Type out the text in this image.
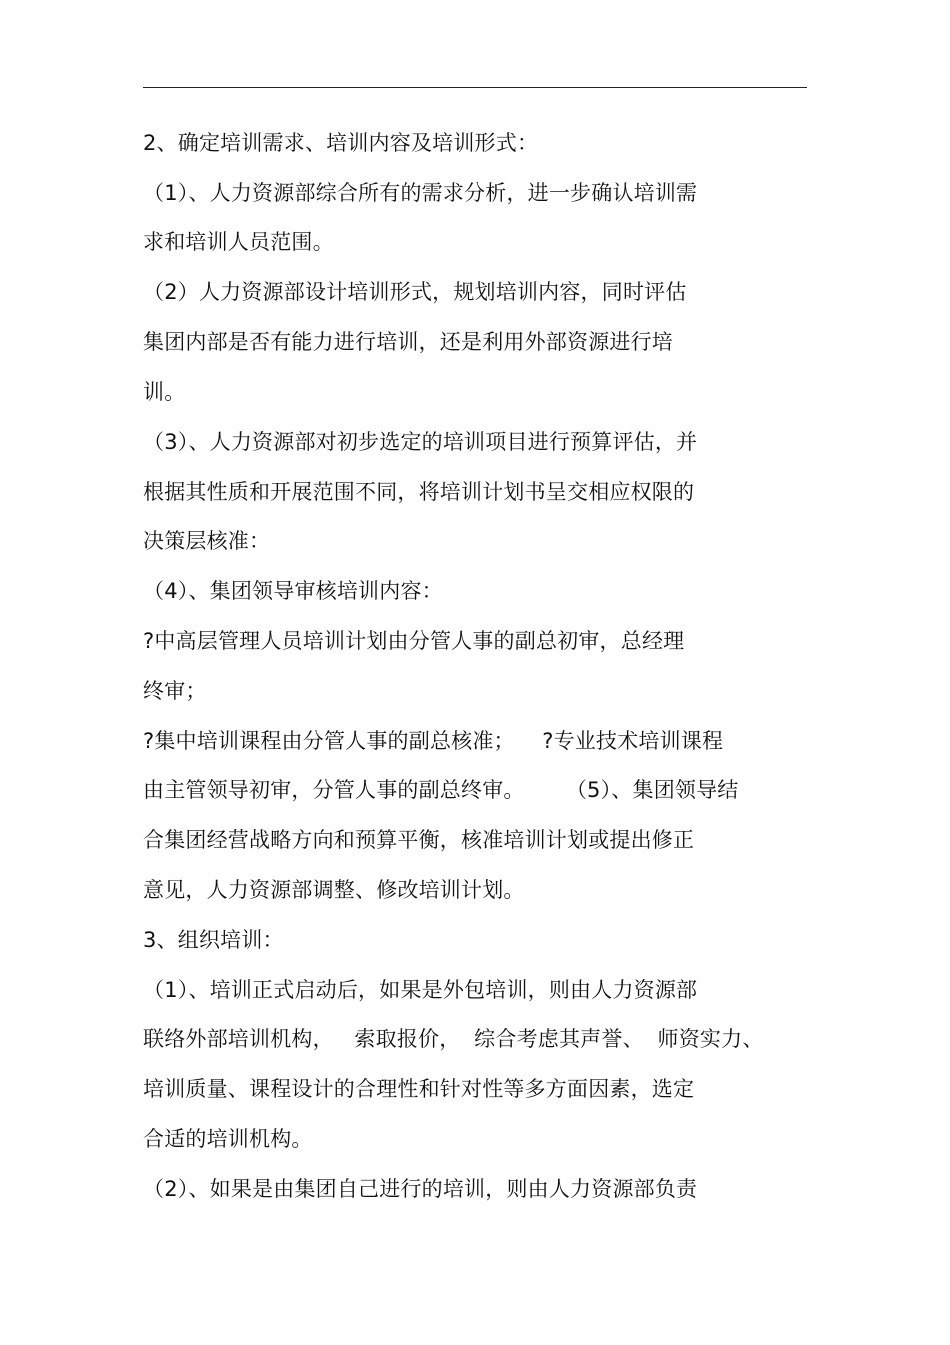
2、确定培训需求、培训内容及培训形式：
（1）、人力资源部综合所有的需求分析，进一步确认培训需
求和培训人员范围。
（2）人力资源部设计培训形式，规划培训内容，同时评估
集团内部是否有能力进行培训，还是利用外部资源进行培
训。
（3）、人力资源部对初步选定的培训项目进行预算评估，并
根据其性质和开展范围不同，将培训计划书呈交相应权限的
决策层核准：
（4）、集团领导审核培训内容：
?中高层管理人员培训计划由分管人事的副总初审，总经理
终审；
?集中培训课程由分管人事的副总核准；    ?专业技术培训课程
由主管领导初审，分管人事的副总终审。      （5）、集团领导结
合集团经营战略方向和预算平衡，核准培训计划或提出修正
意见，人力资源部调整、修改培训计划。
3、组织培训：
（1）、培训正式启动后，如果是外包培训，则由人力资源部
联络外部培训机构，   索取报价，  综合考虑其声誉、  师资实力、
培训质量、课程设计的合理性和针对性等多方面因素，选定
合适的培训机构。
（2）、如果是由集团自己进行的培训，则由人力资源部负责
